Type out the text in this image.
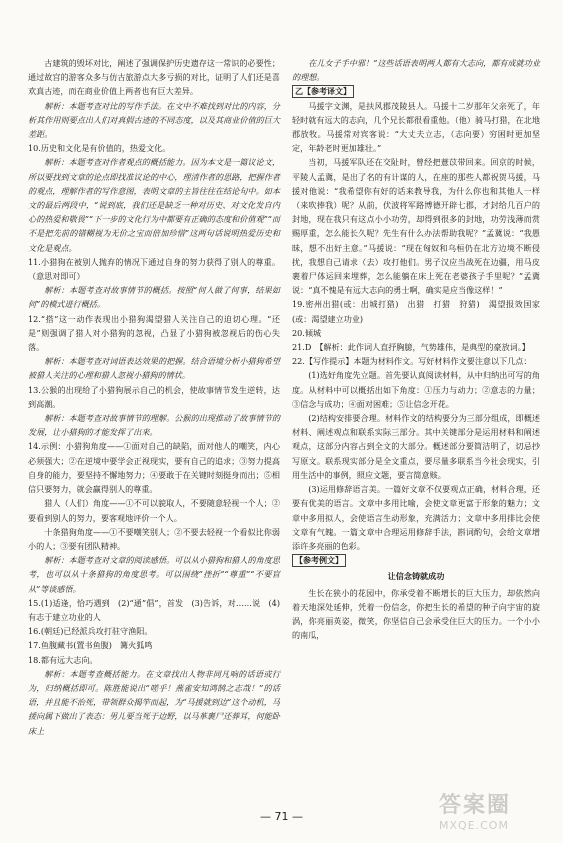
古建筑的毁坏对比，阐述了强调保护历史遗存这一常识的必要性；通过故宫的游客众多与仿古旅游点大多亏损的对比，证明了人们还是喜欢真古迹，而在商业价值上两者也有巨大差异。

解析：本题考查对比的写作手法。在文中不难找到对比的内容，分析其作用则要点出人们对真假古迹的不同态度，以及其商业价值的巨大差距。

10.历史和文化是有价值的，热爱文化。

解析：本题考查对作者观点的概括能力。因为本文是一篇议论文，所以要找到文章的论点即找准议论的中心，理清作者的思路，把握作者的观点，理解作者的写作意图，表明文章的主旨往往在结论句中。如本文的最后两段中，“说到底，我们还是缺乏一种对历史、对文化发自内心的热爱和敬畏”“下一步的文化行为中都要有正确的态度和价值观”“而不是把先前的错糊视为无价之宝而倍加珍惜”这两句话说明热爱历史和文化是观点。

11.小猎狗在被别人抛弃的情况下通过自身的努力获得了别人的尊重。（意思对即可）

解析：本题考查对故事情节的概括。按照“何人做了何事，结果如何”的模式进行概括。

12.“搭”这一动作表现出小猎狗渴望猎人关注自己的迫切心理。“还是”则强调了猎人对小猎狗的忽视，凸显了小猎狗被忽视后的伤心失落。

解析：本题考查对词语表达效果的把握。结合语境分析小猎狗希望被猎人关注的心理和猎人忽视小猎狗的情状。

13.公猴的出现给了小猎狗展示自己的机会，使故事情节发生逆转，达到高潮。

解析：本题考查对故事情节的理解。公猴的出现推动了故事情节的发展，让小猎狗的才能发挥了出来。

14.示例：小猎狗角度——①面对自己的缺陷，面对他人的嘲笑，内心必须强大；②在逆境中要学会正视现实，要有自己的追求；③努力提高自身的能力，要坚持不懈地努力；④要敢于在关键时刻挺身而出；⑤相信只要努力，就会赢得别人的尊重。

猎人（人们）角度——①不可以貌取人，不要随意轻视一个人；②要看到别人的努力，要客观地评价一个人。

十条猎狗角度——①不要嘲笑别人；②不要去轻视一个看似比你弱小的人；③要有团队精神。

解析：本题考查对文章的阅读感悟。可以从小猎狗和猎人的角度思考，也可以从十条猎狗的角度思考。可以围绕“挫折”“尊重”“不要盲从”等谈感悟。

15.(1)适逢，恰巧遇到　(2)“通”倡”，首发　(3)告诉，对……说　(4)有志于建立功业的人

16.(朝廷)已经派兵攻打驻守渔阳。

17.鱼腹藏书(置书鱼腹)　篝火狐鸣

18.都有远大志向。

解析：本题考查概括能力。在文章找出人物非同凡响的话语或行为，归纳概括即可。陈胜能说出“嗟乎！燕雀安知鸿鹄之志哉！”的话语，并且能不治死，带领群众揭竿而起，为“马援就到边”这个动机，马援向属下做出了表态：男儿要当死于边野，以马革裹尸还葬耳，何能卧床上

在儿女子手中邪！”这些话语表明两人都有大志向，都有成就功业的理想。

乙【参考译文】

马援字文渊，是扶风郡茂陵县人。马援十二岁那年父亲死了，年轻时就有远大的志向，几个兄长都很看重他。（他）骑马打猎，在北地郡放牧。马援常对宾客说：“大丈夫立志，（志向要）穷困时更加坚定，年龄老时更加雄壮。”

当初，马援军队还在交阯时，曾经把薏苡带回来。回京的时候，平陵人孟冀，是出了名的有计谋的人，在座的那些人都祝贺马援，马援对他说：“我希望你有好的话来教导我，为什么你也和其他人一样（来吹捧我）呢？从前，伏波将军路博德开辟七郡，才封给几百户的封地，现在我只有这点小小功劳，却得到很多的封地，功劳浅薄而赏赐厚重，怎么能长久呢？先生有什么办法帮助我呢？”孟冀说：“我愚昧，想不出好主意。”马援说：“现在匈奴和乌桓仍在北方边境不断侵扰，我想自己请求（去）攻打他们。男子汉应当战死在边疆，用马皮裹着尸体运回来埋葬，怎么能躺在床上死在老婆孩子手里呢？”孟冀说：“真不愧是有远大志向的勇士啊，确实是应当像这样！”

19.密州出猎(或：出城打猎)　出猎　打猎　狩猎)　渴望报效国家(或：渴望建立功业)

20.倾城

21.D　【解析：此作词人直抒胸臆，气势雄伟，是典型的豪放词。】

22.【写作提示】本题为材料作文。写好材料作文要注意以下几点：

(1)选好角度先立题。首先要认真阅读材料，从中归纳出可写的角度。从材料中可以概括出如下角度：①压力与动力；②意志的力量；③信念与成功；④面对困难；⑤让信念开花。

(2)结构安排要合理。材料作文的结构要分为三部分组成，即概述材料、阐述观点和联系实际三部分。其中关键部分是运用材料和阐述观点，这部分内容占到全文的大部分。概述部分要简洁明了，切忌抄写原文。联系现实部分是全文重点，要尽量多联系当今社会现实，引用生活中的事例，照应文题，要言简意赅。

(3)运用修辞语言美。一篇好文章不仅要观点正确，材料合理，还要有优美的语言。文章中多用比喻，会使文章更富于形象的魅力；文章中多用拟人，会使语言生动形象，充满活力；文章中多用排比会使文章有气魄。一篇文章中合理运用修辞手法，斟词酌句，会给文章增添许多亮丽的色彩。

【参考例文】

让信念铸就成功

生长在狭小的花园中，你承受着不断增长的巨大压力，却依然向着天地深处延伸，凭着一份信念，你把生长的希望的种子向宇宙的旋涡，你亮丽英姿，微笑，你坚信自己会承受住巨大的压力。一个小小的南瓜，

— 71 —	答案圈
MXQE.COM
